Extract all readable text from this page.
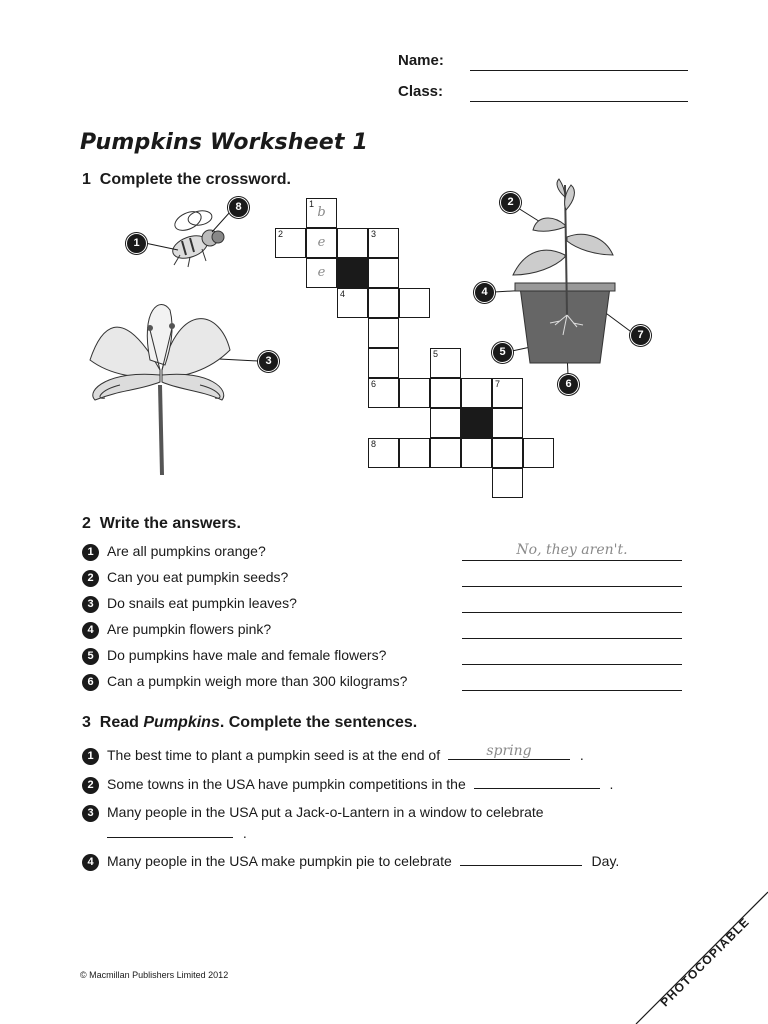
Name:
Class:
Pumpkins Worksheet 1
1 Complete the crossword.
1
b
2
e
3
e
4
5
6	7
8
1
2
3
4
5
6
7
8
2 Write the answers.
1 Are all pumpkins orange?	No, they aren't.
2 Can you eat pumpkin seeds?
3 Do snails eat pumpkin leaves?
4 Are pumpkin flowers pink?
5 Do pumpkins have male and female flowers?
6 Can a pumpkin weigh more than 300 kilograms?
3 Read Pumpkins. Complete the sentences.
1 The best time to plant a pumpkin seed is at the end of	spring	.
2 Some towns in the USA have pumpkin competitions in the	.
3 Many people in the USA put a Jack-o-Lantern in a window to celebrate
.
4 Many people in the USA make pumpkin pie to celebrate	Day.
© Macmillan Publishers Limited 2012	PHOTOCOPIABLE
